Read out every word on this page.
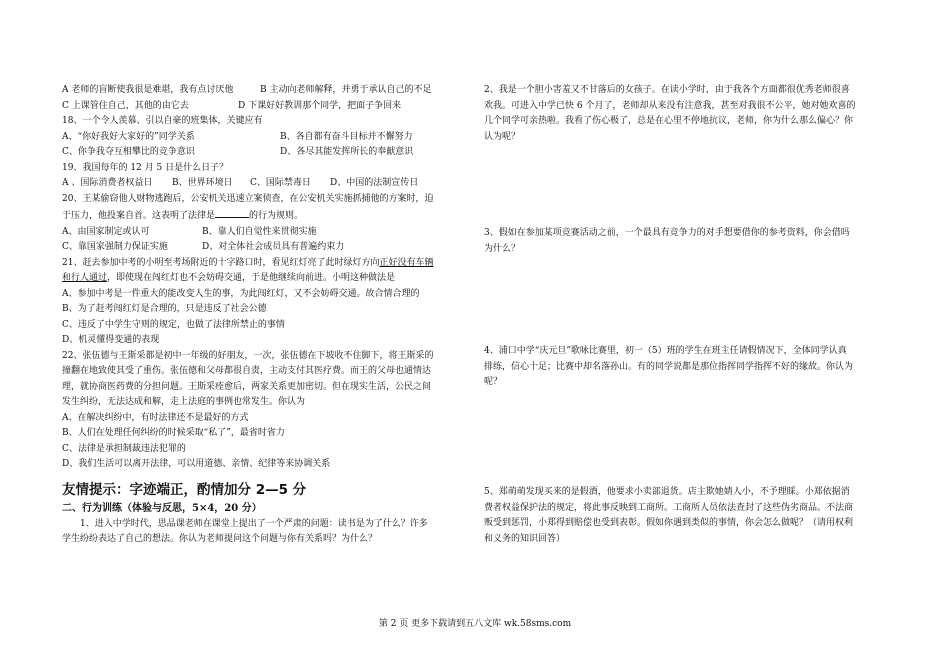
A 老师的盲断使我很是难堪，我有点讨厌他	B 主动向老师解释，并勇于承认自己的不足
C 上课管住自己，其他的由它去	D 下课好好教训那个同学，把面子争回来
18、一个令人羡慕、引以自豪的班集体，关键应有
A、“你好我好大家好的”同学关系	B、各自都有奋斗目标并不懈努力
C、你争我夺互相攀比的竞争意识	D、各尽其能发挥所长的奉献意识
19、我国每年的 12 月 5 日是什么日子？
A 、国际消费者权益日	B、世界环境日	C、国际禁毒日	D、中国的法制宣传日
20、王某偷窃他人财物逃跑后，公安机关迅速立案侦查，在公安机关实施抓捕他的方案时，迫
于压力，他投案自首。这表明了法律是	的行为规则。
A、由国家制定或认可	B、靠人们自觉性来贯彻实施
C、靠国家强制力保证实施	D、对全体社会成员具有普遍约束力
21、赶去参加中考的小明至考场附近的十字路口时，看见红灯亮了此时绿灯方向正好没有车辆
和行人通过，即使现在闯红灯也不会妨碍交通，于是他继续向前进。小明这种做法是
A、参加中考是一件重大的能改变人生的事，为此闯红灯，又不会妨碍交通。故合情合理的
B、为了赶考闯红灯是合理的，只是违反了社会公德
C、违反了中学生守则的规定，也做了法律所禁止的事情
D、机灵懂得变通的表现
22、张伍德与王斯采都是初中一年级的好朋友，一次，张伍德在下坡收不住脚下，将王斯采的
撞翻在地致使其受了重伤。张伍德和父母都很自责，主动支付其医疗费。而王的父母也通情达
理，就协商医药费的分担问题。王斯采痊愈后，两家关系更加密切。但在现实生活，公民之间
发生纠纷，无法达成和解，走上法庭的事例也常发生。你认为
A、在解决纠纷中，有时法律还不是最好的方式
B、人们在处理任何纠纷的时候采取“私了”，最省时省力
C、法律是承担制裁违法犯罪的
D、我们生活可以离开法律，可以用道德、亲情、纪律等来协调关系
友情提示：字迹端正，酌情加分 2—5 分
二、行为训练（体验与反思，5×4，20 分）
1、进入中学时代，思品课老师在课堂上提出了一个严肃的问题：读书是为了什么？许多
学生纷纷表达了自己的想法。你认为老师提问这个问题与你有关系吗？为什么？
2、我是一个胆小害羞又不甘落后的女孩子。在读小学时，由于我各个方面都很优秀老师很喜
欢我。可进入中学已快 6 个月了，老师却从来没有注意我，甚至对我很不公平，她对她欢喜的
几个同学可亲热啦。我看了伤心极了，总是在心里不停地抗议，老师，你为什么那么偏心？你
认为呢？
3、假如在参加某项竞赛活动之前，一个最具有竞争力的对手想要借你的参考资料，你会借吗
为什么？
4、浦口中学“庆元旦”歌咏比赛里，初一（5）班的学生在班主任请假情况下，全体同学认真
排练，信心十足；比赛中却名落孙山。有的同学说都是那位指挥同学指挥不好的缘故。你认为
呢？
5、郑萌萌发现买来的是假酒，他要求小卖部退货。店主欺她婧人小，不予理睬。小郑依据消
费者权益保护法的规定，将此事反映到工商所。工商所人员依法查封了这些伪劣商品。不法商
贩受到惩罚，小郑得到赔偿也受到表彰。假如你遇到类似的事情，你会怎么做呢？（请用权利
和义务的知识回答）
第 2 页 更多下载请到五八文库 wk.58sms.com
